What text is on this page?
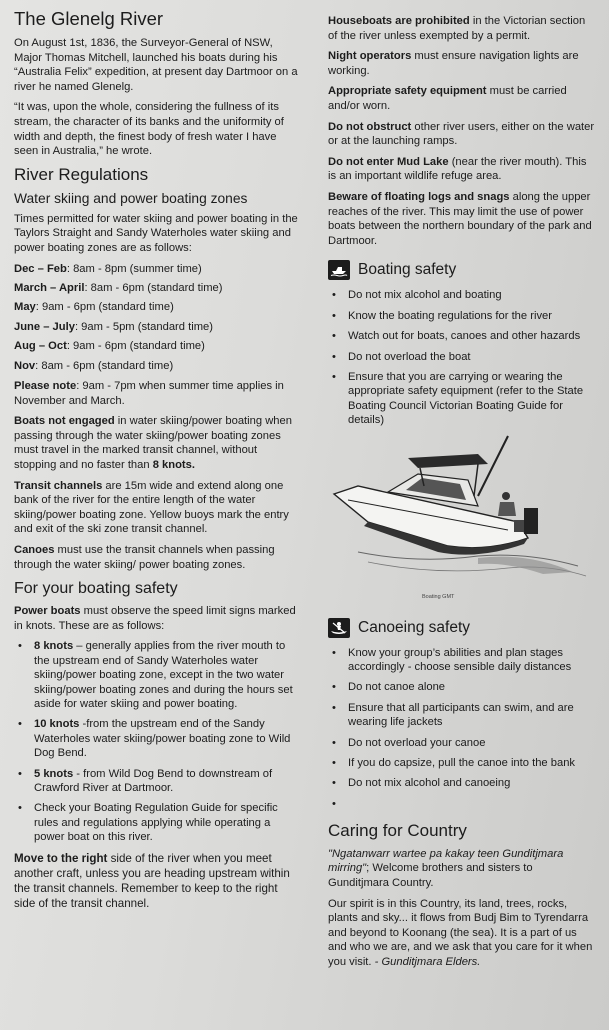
The Glenelg River

On August 1st, 1836, the Surveyor-General of NSW, Major Thomas Mitchell, launched his boats during his “Australia Felix” expedition, at present day Dartmoor on a river he named Glenelg.

“It was, upon the whole, considering the fullness of its stream, the character of its banks and the uniformity of width and depth, the finest body of fresh water I have seen in Australia,” he wrote.

River Regulations
Water skiing and power boating zones

Times permitted for water skiing and power boating in the Taylors Straight and Sandy Waterholes water skiing and power boating zones are as follows:

Dec – Feb: 8am - 8pm (summer time)
March – April: 8am - 6pm (standard time)
May: 9am - 6pm (standard time)
June – July: 9am - 5pm (standard time)
Aug – Oct: 9am - 6pm (standard time)
Nov: 8am - 6pm (standard time)

Please note: 9am - 7pm when summer time applies in November and March.

Boats not engaged in water skiing/power boating when passing through the water skiing/power boating zones must travel in the marked transit channel, without stopping and no faster than 8 knots.

Transit channels are 15m wide and extend along one bank of the river for the entire length of the water skiing/power boating zone. Yellow buoys mark the entry and exit of the ski zone transit channel.

Canoes must use the transit channels when passing through the water skiing/ power boating zones.

For your boating safety

Power boats must observe the speed limit signs marked in knots. These are as follows:

• 8 knots – generally applies from the river mouth to the upstream end of Sandy Waterholes water skiing/power boating zone, except in the two water skiing/power boating zones and during the hours set aside for water skiing and power boating.
• 10 knots -from the upstream end of the Sandy Waterholes water skiing/power boating zone to Wild Dog Bend.
• 5 knots - from Wild Dog Bend to downstream of Crawford River at Dartmoor.
• Check your Boating Regulation Guide for specific rules and regulations applying while operating a power boat on this river.

Move to the right side of the river when you meet another craft, unless you are heading upstream within the transit channels. Remember to keep to the right side of the transit channel.

Houseboats are prohibited in the Victorian section of the river unless exempted by a permit.

Night operators must ensure navigation lights are working.

Appropriate safety equipment must be carried and/or worn.

Do not obstruct other river users, either on the water or at the launching ramps.

Do not enter Mud Lake (near the river mouth). This is an important wildlife refuge area.

Beware of floating logs and snags along the upper reaches of the river. This may limit the use of power boats between the northern boundary of the park and Dartmoor.

Boating safety
• Do not mix alcohol and boating
• Know the boating regulations for the river
• Watch out for boats, canoes and other hazards
• Do not overload the boat
• Ensure that you are carrying or wearing the appropriate safety equipment (refer to the State Boating Council Victorian Boating Guide for details)
Boating GMT
Canoeing safety
• Know your group’s abilities and plan stages accordingly - choose sensible daily distances
• Do not canoe alone
• Ensure that all participants can swim, and are wearing life jackets
• Do not overload your canoe
• If you do capsize, pull the canoe into the bank
• Do not mix alcohol and canoeing
•
Caring for Country

"Ngatanwarr wartee pa kakay teen Gunditjmara mirring"; Welcome brothers and sisters to Gunditjmara Country.

Our spirit is in this Country, its land, trees, rocks, plants and sky... it flows from Budj Bim to Tyrendarra and beyond to Koonang (the sea). It is a part of us and who we are, and we ask that you care for it when you visit. - Gunditjmara Elders.
